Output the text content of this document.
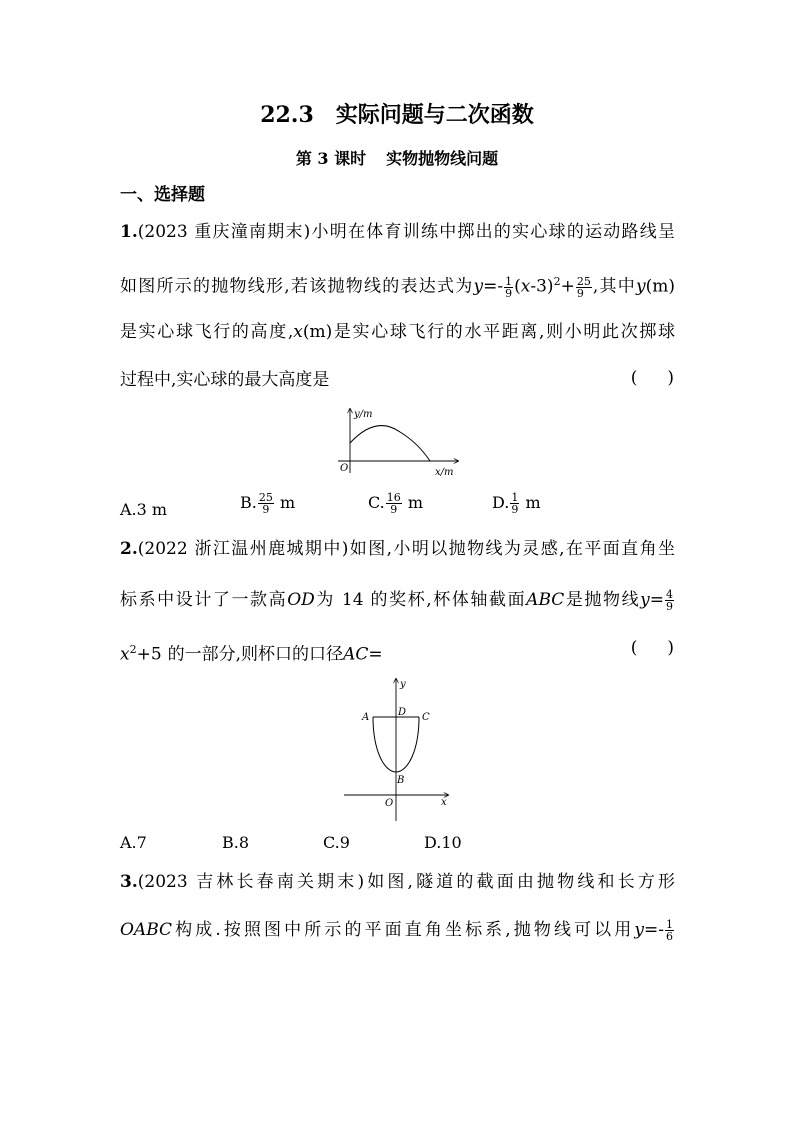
22.3 实际问题与二次函数
第 3 课时 实物抛物线问题
一、选择题
1.(2023 重庆潼南期末)小明在体育训练中掷出的实心球的运动路线呈
如图所示的抛物线形,若该抛物线的表达式为$y=- \frac{1}{9} (x-3)^2+ \frac{25}{9}$ ,其中y(m)
是实心球飞行的高度,x(m)是实心球飞行的水平距离,则小明此次掷球
过程中,实心球的最大高度是	( )
y/m
x/m
O
A.3 m	B. $\frac{25}{9}$ m	C. $\frac{16}{9}$ m	D. $\frac{1}{9}$ m
2.(2022 浙江温州鹿城期中)如图,小明以抛物线为灵感,在平面直角坐
标系中设计了一款高OD为 14 的奖杯,杯体轴截面ABC是抛物线$y= \frac{4}{9}$
$x^2+5$ 的一部分,则杯口的口径AC=	( )
y
x
A	C
D
B
O
A.7	B.8	C.9	D.10
3.(2023 吉林长春南关期末)如图,隧道的截面由抛物线和长方形
OABC构成.按照图中所示的平面直角坐标系,抛物线可以用$y=- \frac{1}{6}$
